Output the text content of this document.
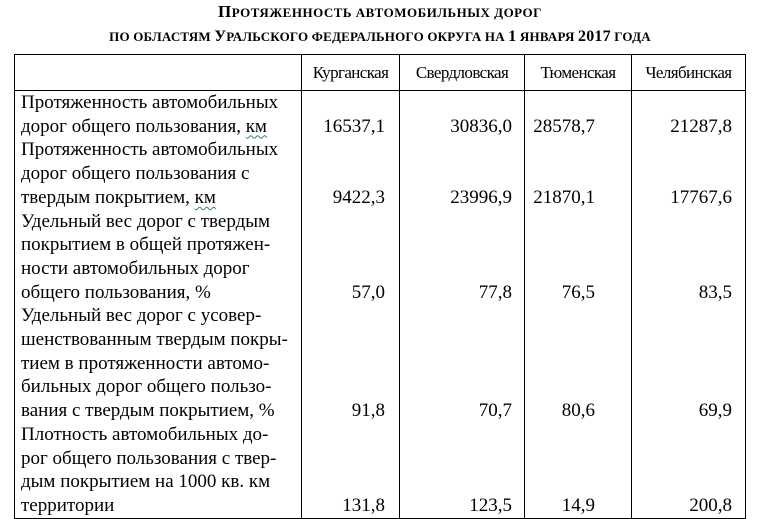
ПРОТЯЖЕННОСТЬ АВТОМОБИЛЬНЫХ ДОРОГ
ПО ОБЛАСТЯМ УРАЛЬСКОГО ФЕДЕРАЛЬНОГО ОКРУГА НА 1 ЯНВАРЯ 2017 ГОДА
	Курганская	Свердловская	Тюменская	Челябинская

Протяженность автомобильных
дорог общего пользования, км	16537,1	30836,0	28578,7	21287,8

Протяженность автомобильных
дорог общего пользования с
твердым покрытием, км	9422,3	23996,9	21870,1	17767,6

Удельный вес дорог с твердым
покрытием в общей протяжен-
ности автомобильных дорог
общего пользования, %	57,0	77,8	76,5	83,5

Удельный вес дорог с усовер-
шенствованным твердым покры-
тием в протяженности автомо-
бильных дорог общего пользо-
вания с твердым покрытием, %	91,8	70,7	80,6	69,9

Плотность автомобильных до-
рог общего пользования с твер-
дым покрытием на 1000 кв. км
территории	131,8	123,5	14,9	200,8
